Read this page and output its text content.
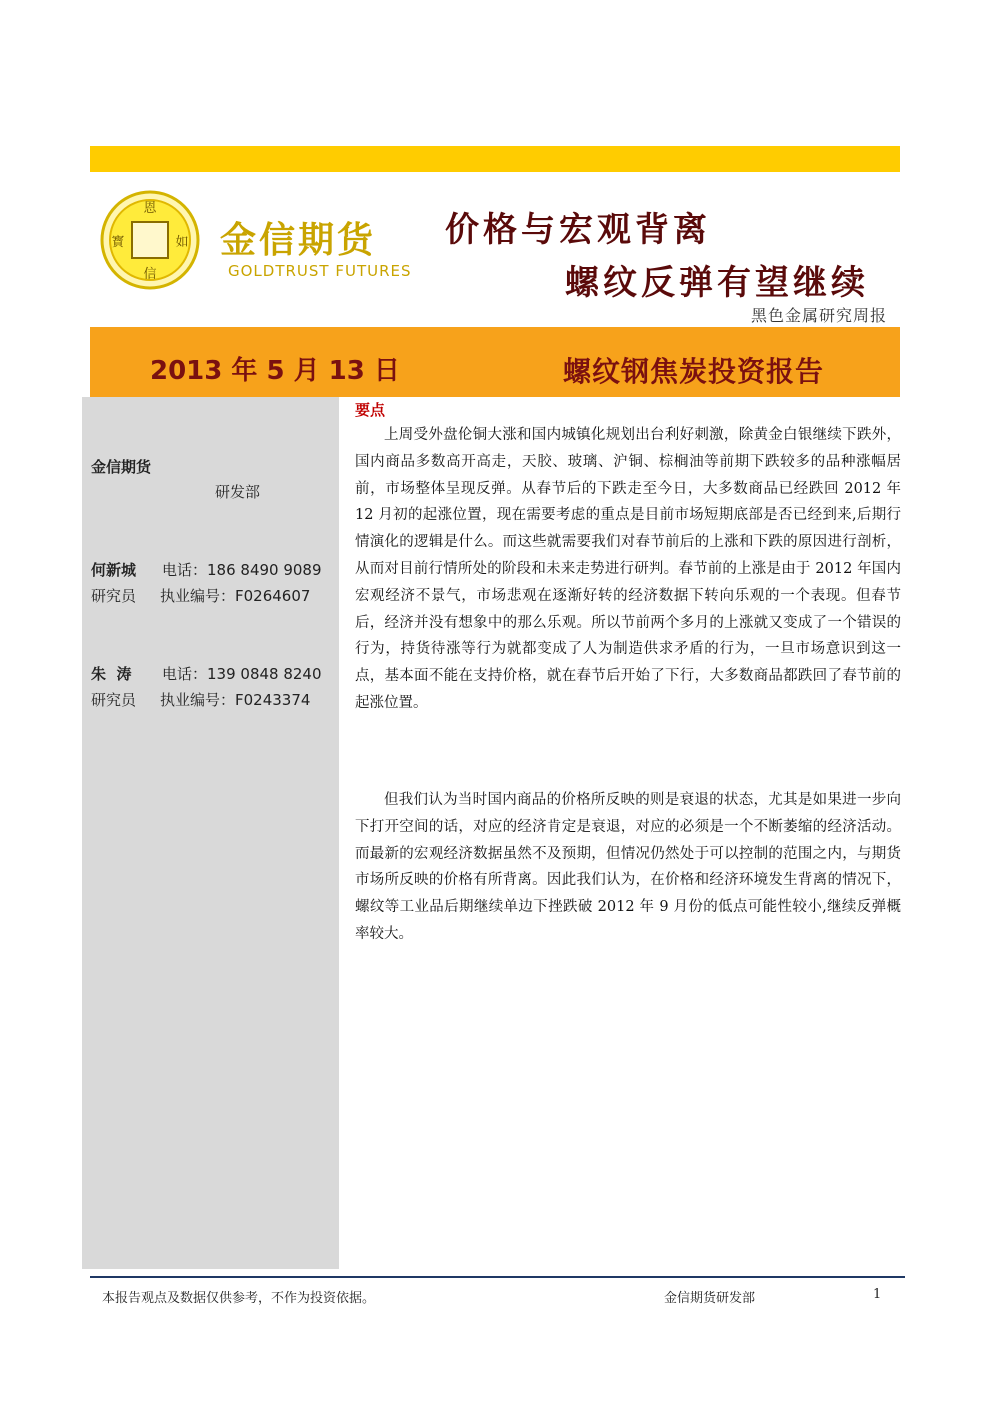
恩
信
寳	如 金信期货
GOLDTRUST FUTURES
价格与宏观背离
螺纹反弹有望继续
黑色金属研究周报
2013 年 5 月 13 日	螺纹钢焦炭投资报告
金信期货
研发部
何新城 电话：186 8490 9089
研究员 执业编号：F0264607
朱  涛 电话：139 0848 8240
研究员 执业编号：F0243374
要点

上周受外盘伦铜大涨和国内城镇化规划出台利好刺激，除黄金白银继续下跌外，国内商品多数高开高走，天胶、玻璃、沪铜、棕榈油等前期下跌较多的品种涨幅居前，市场整体呈现反弹。从春节后的下跌走至今日，大多数商品已经跌回 2012 年 12 月初的起涨位置，现在需要考虑的重点是目前市场短期底部是否已经到来,后期行情演化的逻辑是什么。而这些就需要我们对春节前后的上涨和下跌的原因进行剖析，从而对目前行情所处的阶段和未来走势进行研判。春节前的上涨是由于 2012 年国内宏观经济不景气，市场悲观在逐渐好转的经济数据下转向乐观的一个表现。但春节后，经济并没有想象中的那么乐观。所以节前两个多月的上涨就又变成了一个错误的行为，持货待涨等行为就都变成了人为制造供求矛盾的行为，一旦市场意识到这一点，基本面不能在支持价格，就在春节后开始了下行，大多数商品都跌回了春节前的起涨位置。

但我们认为当时国内商品的价格所反映的则是衰退的状态，尤其是如果进一步向下打开空间的话，对应的经济肯定是衰退，对应的必须是一个不断萎缩的经济活动。而最新的宏观经济数据虽然不及预期，但情况仍然处于可以控制的范围之内，与期货市场所反映的价格有所背离。因此我们认为，在价格和经济环境发生背离的情况下，螺纹等工业品后期继续单边下挫跌破 2012 年 9 月份的低点可能性较小,继续反弹概率较大。

本报告观点及数据仅供参考，不作为投资依据。	金信期货研发部	1
